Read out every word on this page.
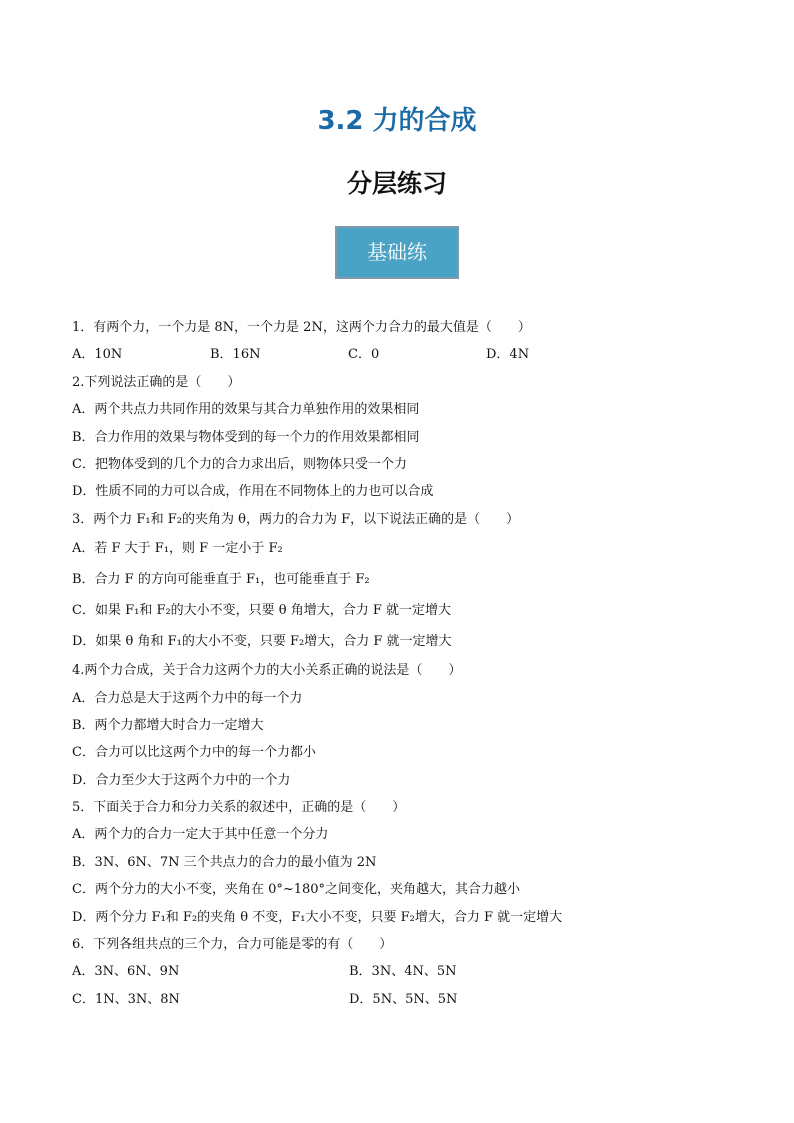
3.2 力的合成
分层练习
基础练
1．有两个力，一个力是 8N，一个力是 2N，这两个力合力的最大值是（　　）
A．10N	B．16N	C．0	D．4N
2.下列说法正确的是（　　）
A．两个共点力共同作用的效果与其合力单独作用的效果相同
B．合力作用的效果与物体受到的每一个力的作用效果都相同
C．把物体受到的几个力的合力求出后，则物体只受一个力
D．性质不同的力可以合成，作用在不同物体上的力也可以合成
3．两个力 F₁和 F₂的夹角为 θ，两力的合力为 F，以下说法正确的是（　　）
A．若 F 大于 F₁，则 F 一定小于 F₂
B．合力 F 的方向可能垂直于 F₁，也可能垂直于 F₂
C．如果 F₁和 F₂的大小不变，只要 θ 角增大，合力 F 就一定增大
D．如果 θ 角和 F₁的大小不变，只要 F₂增大，合力 F 就一定增大
4.两个力合成，关于合力这两个力的大小关系正确的说法是（　　）
A．合力总是大于这两个力中的每一个力
B．两个力都增大时合力一定增大
C．合力可以比这两个力中的每一个力都小
D．合力至少大于这两个力中的一个力
5．下面关于合力和分力关系的叙述中，正确的是（　　）
A．两个力的合力一定大于其中任意一个分力
B．3N、6N、7N 三个共点力的合力的最小值为 2N
C．两个分力的大小不变，夹角在 0°~180°之间变化，夹角越大，其合力越小
D．两个分力 F₁和 F₂的夹角 θ 不变，F₁大小不变，只要 F₂增大，合力 F 就一定增大
6．下列各组共点的三个力，合力可能是零的有（　　）
A．3N、6N、9N	B．3N、4N、5N
C．1N、3N、8N	D．5N、5N、5N
